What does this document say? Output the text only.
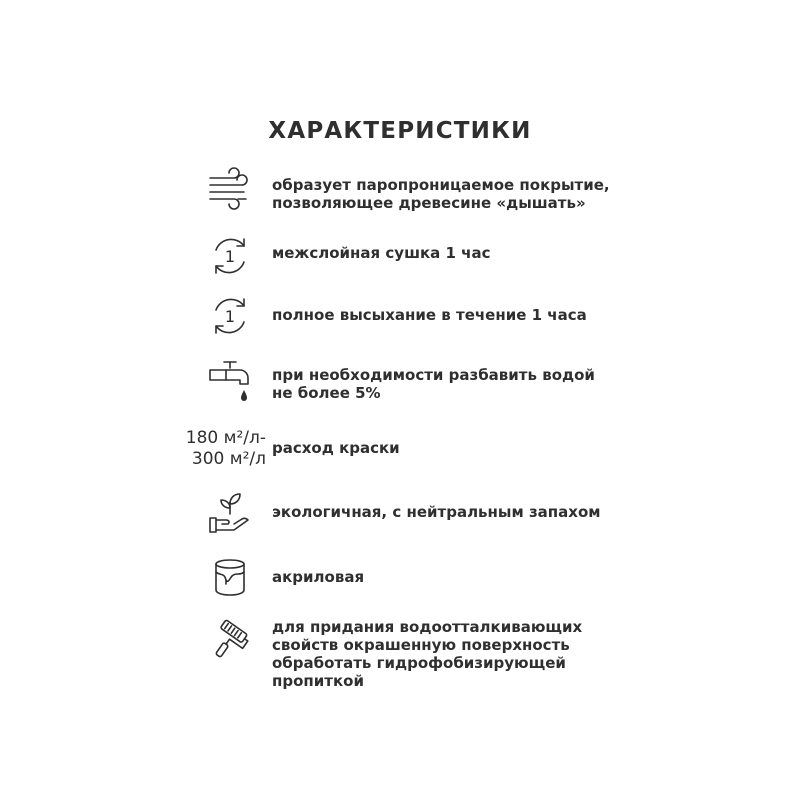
ХАРАКТЕРИСТИКИ
образует паропроницаемое покрытие,
позволяющее древесине «дышать»
1 межслойная сушка 1 час
1 полное высыхание в течение 1 часа
при необходимости разбавить водой
не более 5%
180 м²/л-
300 м²/л
расход краски
экологичная, с нейтральным запахом
акриловая
для придания водоотталкивающих
свойств окрашенную поверхность
обработать гидрофобизирующей
пропиткой
